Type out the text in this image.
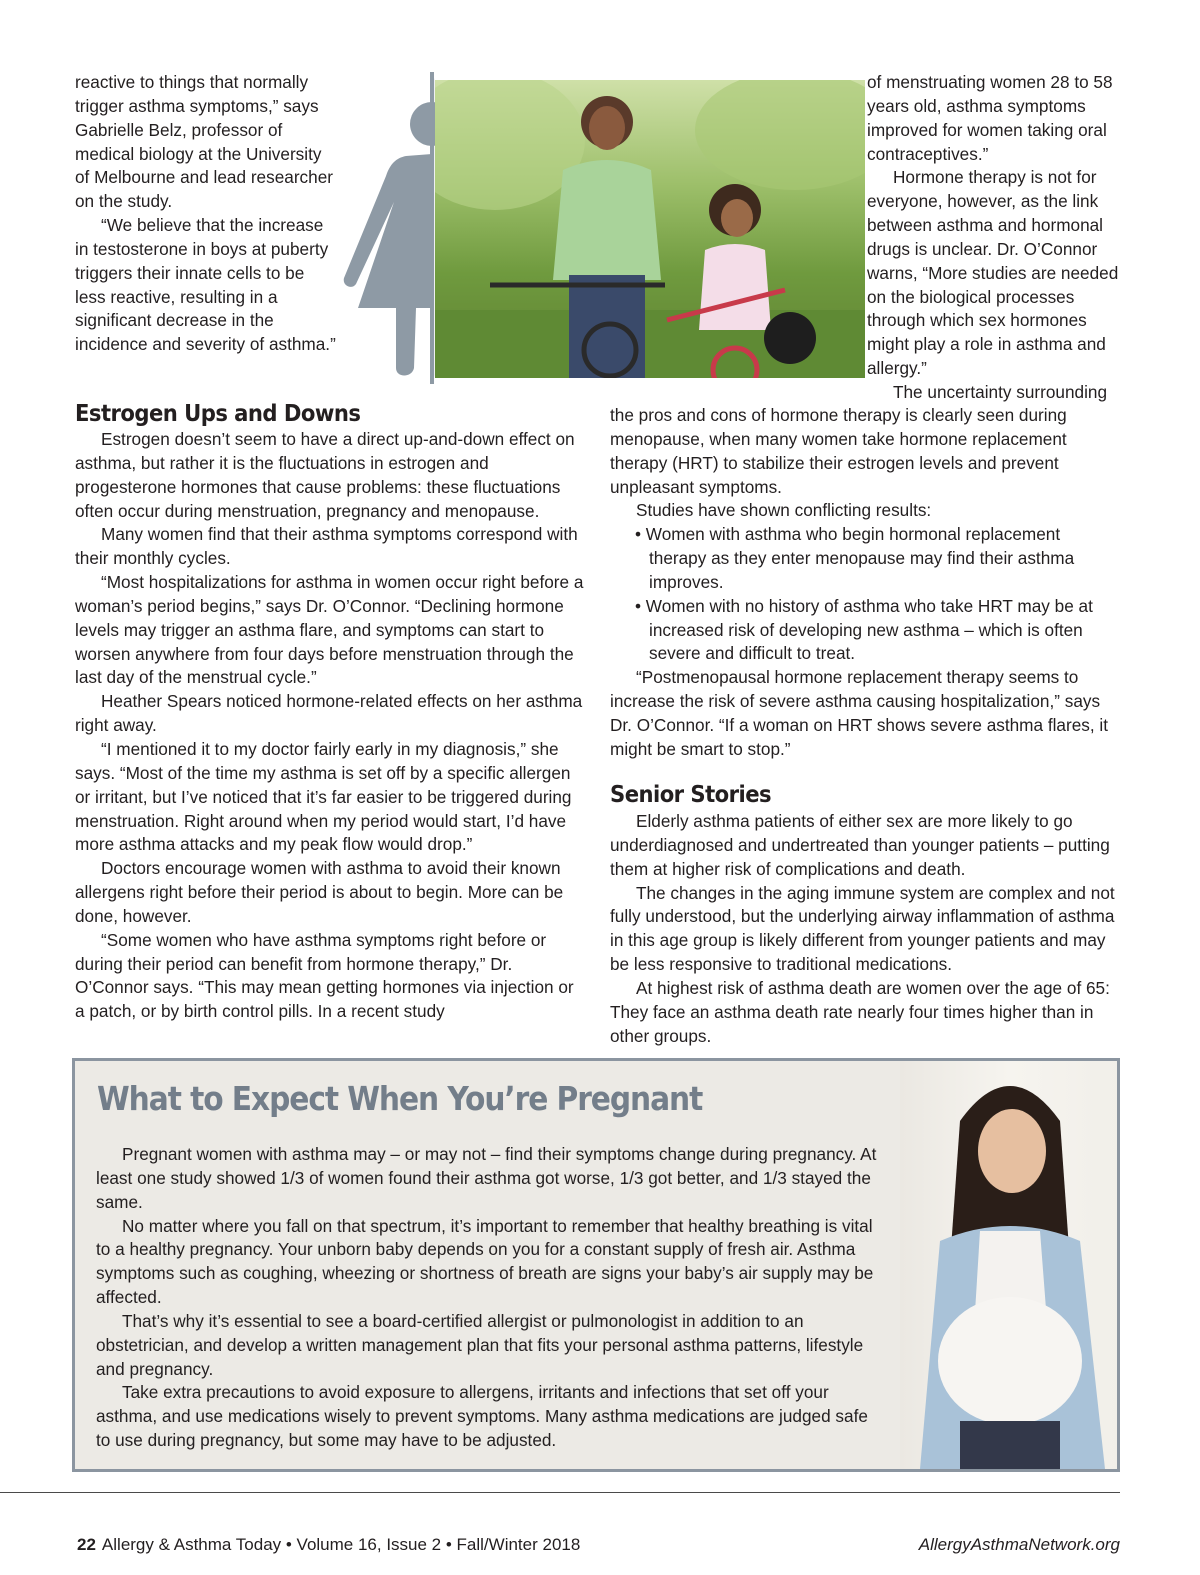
reactive to things that normally trigger asthma symptoms,” says Gabrielle Belz, professor of medical biology at the University of Melbourne and lead researcher on the study.

“We believe that the increase in testosterone in boys at puberty triggers their innate cells to be less reactive, resulting in a significant decrease in the incidence and severity of asthma.”

of menstruating women 28 to 58 years old, asthma symptoms improved for women taking oral contraceptives.”

Hormone therapy is not for everyone, however, as the link between asthma and hormonal drugs is unclear. Dr. O’Connor warns, “More studies are needed on the biological processes through which sex hormones might play a role in asthma and allergy.”

The uncertainty surrounding

Estrogen Ups and Downs

Estrogen doesn’t seem to have a direct up-and-down effect on asthma, but rather it is the fluctuations in estrogen and progesterone hormones that cause problems: these fluctuations often occur during menstruation, pregnancy and menopause.

Many women find that their asthma symptoms correspond with their monthly cycles.

“Most hospitalizations for asthma in women occur right before a woman’s period begins,” says Dr. O’Connor. “Declining hormone levels may trigger an asthma flare, and symptoms can start to worsen anywhere from four days before menstruation through the last day of the menstrual cycle.”

Heather Spears noticed hormone-related effects on her asthma right away.

“I mentioned it to my doctor fairly early in my diagnosis,” she says. “Most of the time my asthma is set off by a specific allergen or irritant, but I’ve noticed that it’s far easier to be triggered during menstruation. Right around when my period would start, I’d have more asthma attacks and my peak flow would drop.”

Doctors encourage women with asthma to avoid their known allergens right before their period is about to begin. More can be done, however.

“Some women who have asthma symptoms right before or during their period can benefit from hormone therapy,” Dr. O’Connor says. “This may mean getting hormones via injection or a patch, or by birth control pills. In a recent study

the pros and cons of hormone therapy is clearly seen during menopause, when many women take hormone replacement therapy (HRT) to stabilize their estrogen levels and prevent unpleasant symptoms.

Studies have shown conflicting results:

• Women with asthma who begin hormonal replacement therapy as they enter menopause may find their asthma improves.
• Women with no history of asthma who take HRT may be at increased risk of developing new asthma – which is often severe and difficult to treat.

“Postmenopausal hormone replacement therapy seems to increase the risk of severe asthma causing hospitalization,” says Dr. O’Connor. “If a woman on HRT shows severe asthma flares, it might be smart to stop.”

Senior Stories

Elderly asthma patients of either sex are more likely to go underdiagnosed and undertreated than younger patients – putting them at higher risk of complications and death.

The changes in the aging immune system are complex and not fully understood, but the underlying airway inflammation of asthma in this age group is likely different from younger patients and may be less responsive to traditional medications.

At highest risk of asthma death are women over the age of 65: They face an asthma death rate nearly four times higher than in other groups.

What to Expect When You’re Pregnant

Pregnant women with asthma may – or may not – find their symptoms change during pregnancy. At least one study showed 1/3 of women found their asthma got worse, 1/3 got better, and 1/3 stayed the same.

No matter where you fall on that spectrum, it’s important to remember that healthy breathing is vital to a healthy pregnancy. Your unborn baby depends on you for a constant supply of fresh air. Asthma symptoms such as coughing, wheezing or shortness of breath are signs your baby’s air supply may be affected.

That’s why it’s essential to see a board-certified allergist or pulmonologist in addition to an obstetrician, and develop a written management plan that fits your personal asthma patterns, lifestyle and pregnancy.

Take extra precautions to avoid exposure to allergens, irritants and infections that set off your asthma, and use medications wisely to prevent symptoms. Many asthma medications are judged safe to use during pregnancy, but some may have to be adjusted.

22 Allergy & Asthma Today • Volume 16, Issue 2 • Fall/Winter 2018	AllergyAsthmaNetwork.org
